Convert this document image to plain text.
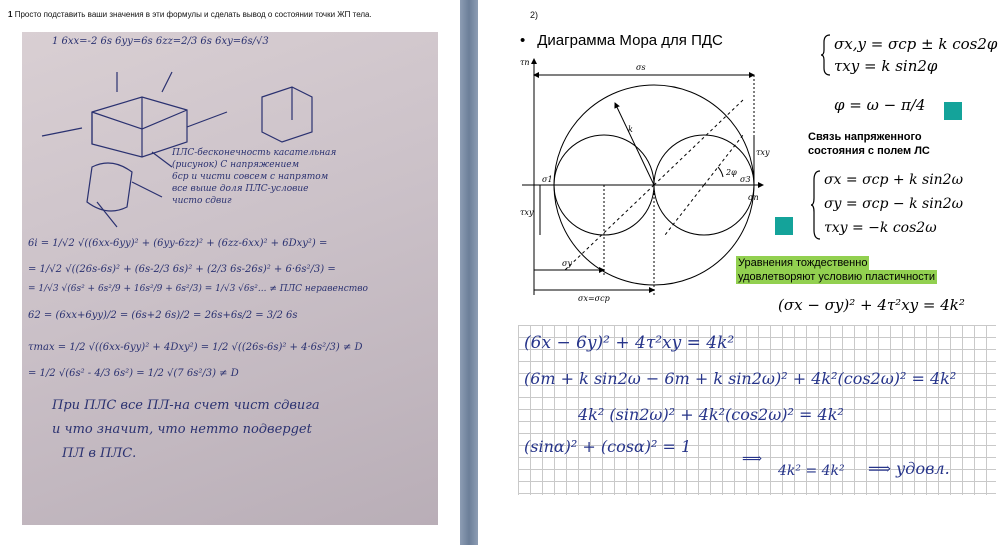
1 Просто подставить ваши значения в эти формулы и сделать вывод о состоянии точки ЖП тела.
1 6xx=-2 6s 6yy=6s 6zz=2/3 6s 6xy=6s/√3
ПЛС-бесконечность касательная
(рисунок) С напряжением
6ср и чисти совсем с напрятом
все выше доля ПЛС-условие
чисто сдвиг
6i = 1/√2 √((6xx-6yy)² + (6yy-6zz)² + (6zz-6xx)² + 6Dxy²) =
= 1/√2 √((26s-6s)² + (6s-2/3 6s)² + (2/3 6s-26s)² + 6·6s²/3) =
= 1/√3 √(6s² + 6s²/9 + 16s²/9 + 6s²/3) = 1/√3 √6s²... ≠ ПЛС неравенство
62 = (6xx+6yy)/2 = (6s+2 6s)/2 = 26s+6s/2 = 3/2 6s
τmax = 1/2 √((6xx-6yy)² + 4Dxy²) = 1/2 √((26s-6s)² + 4·6s²/3) ≠ D
= 1/2 √(6s² - 4/3 6s²) = 1/2 √(7 6s²/3) ≠ D
При ПЛС все ПЛ-на счет чист сдвига
и что значит, что нетто подверget
ПЛ в ПЛС.
2)
• Диаграмма Мора для ПДС
τn
σn
σs
k
τxy
2φ
σ1	σ3
τxy
σy
σx=σcp
σx,y = σcp ± k cos2φ
τxy = k sin2φ
φ = ω − π/4
Связь напряженного
состояния с полем ЛС
σx = σcp + k sin2ω
σy = σcp − k sin2ω
τxy = −k cos2ω
Уравнения тождественно
удовлетворяют условию пластичности
(σx − σy)² + 4τ²xy = 4k²
(6x − 6y)² + 4τ²xy = 4k²
(6m + k sin2ω − 6m + k sin2ω)² + 4k²(cos2ω)² = 4k²
4k² (sin2ω)² + 4k²(cos2ω)² = 4k²
(sinα)² + (cosα)² = 1
⟹
4k² = 4k² ⟹ удовл.
